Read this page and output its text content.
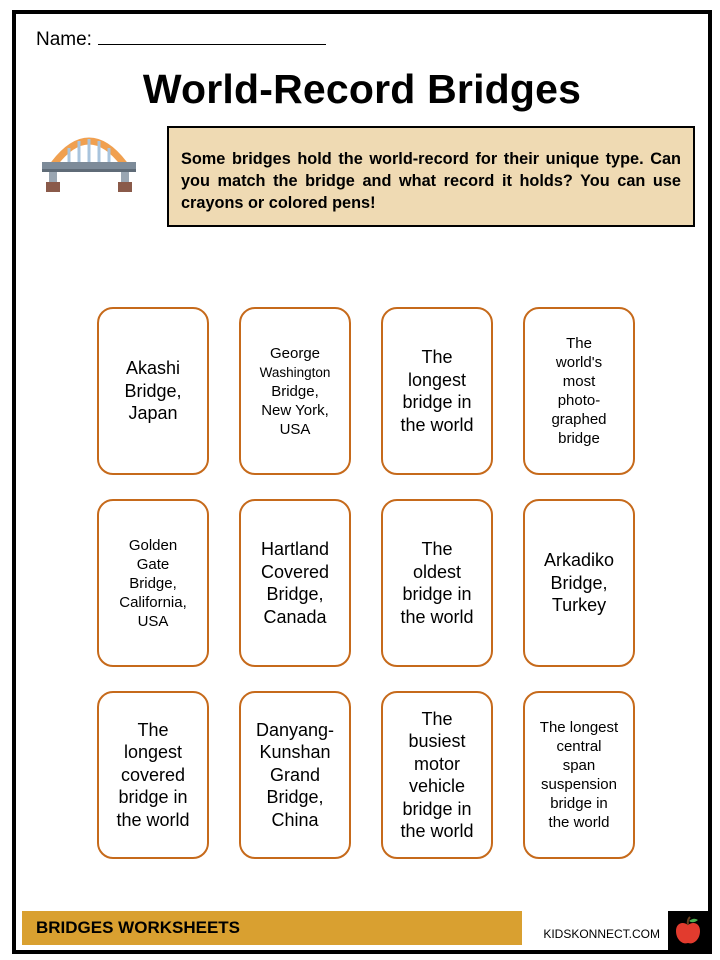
Name:
World-Record Bridges
Some bridges hold the world-record for their unique type. Can you match the bridge and what record it holds? You can use crayons or colored pens!
Akashi
Bridge,
Japan
George
Washington
Bridge,
New York,
USA
The
longest
bridge in
the world
The
world's
most
photo-
graphed
bridge
Golden
Gate
Bridge,
California,
USA
Hartland
Covered
Bridge,
Canada
The
oldest
bridge in
the world
Arkadiko
Bridge,
Turkey
The
longest
covered
bridge in
the world
Danyang-
Kunshan
Grand
Bridge,
China
The
busiest
motor
vehicle
bridge in
the world
The longest
central
span
suspension
bridge in
the world
BRIDGES WORKSHEETS	KIDSKONNECT.COM
